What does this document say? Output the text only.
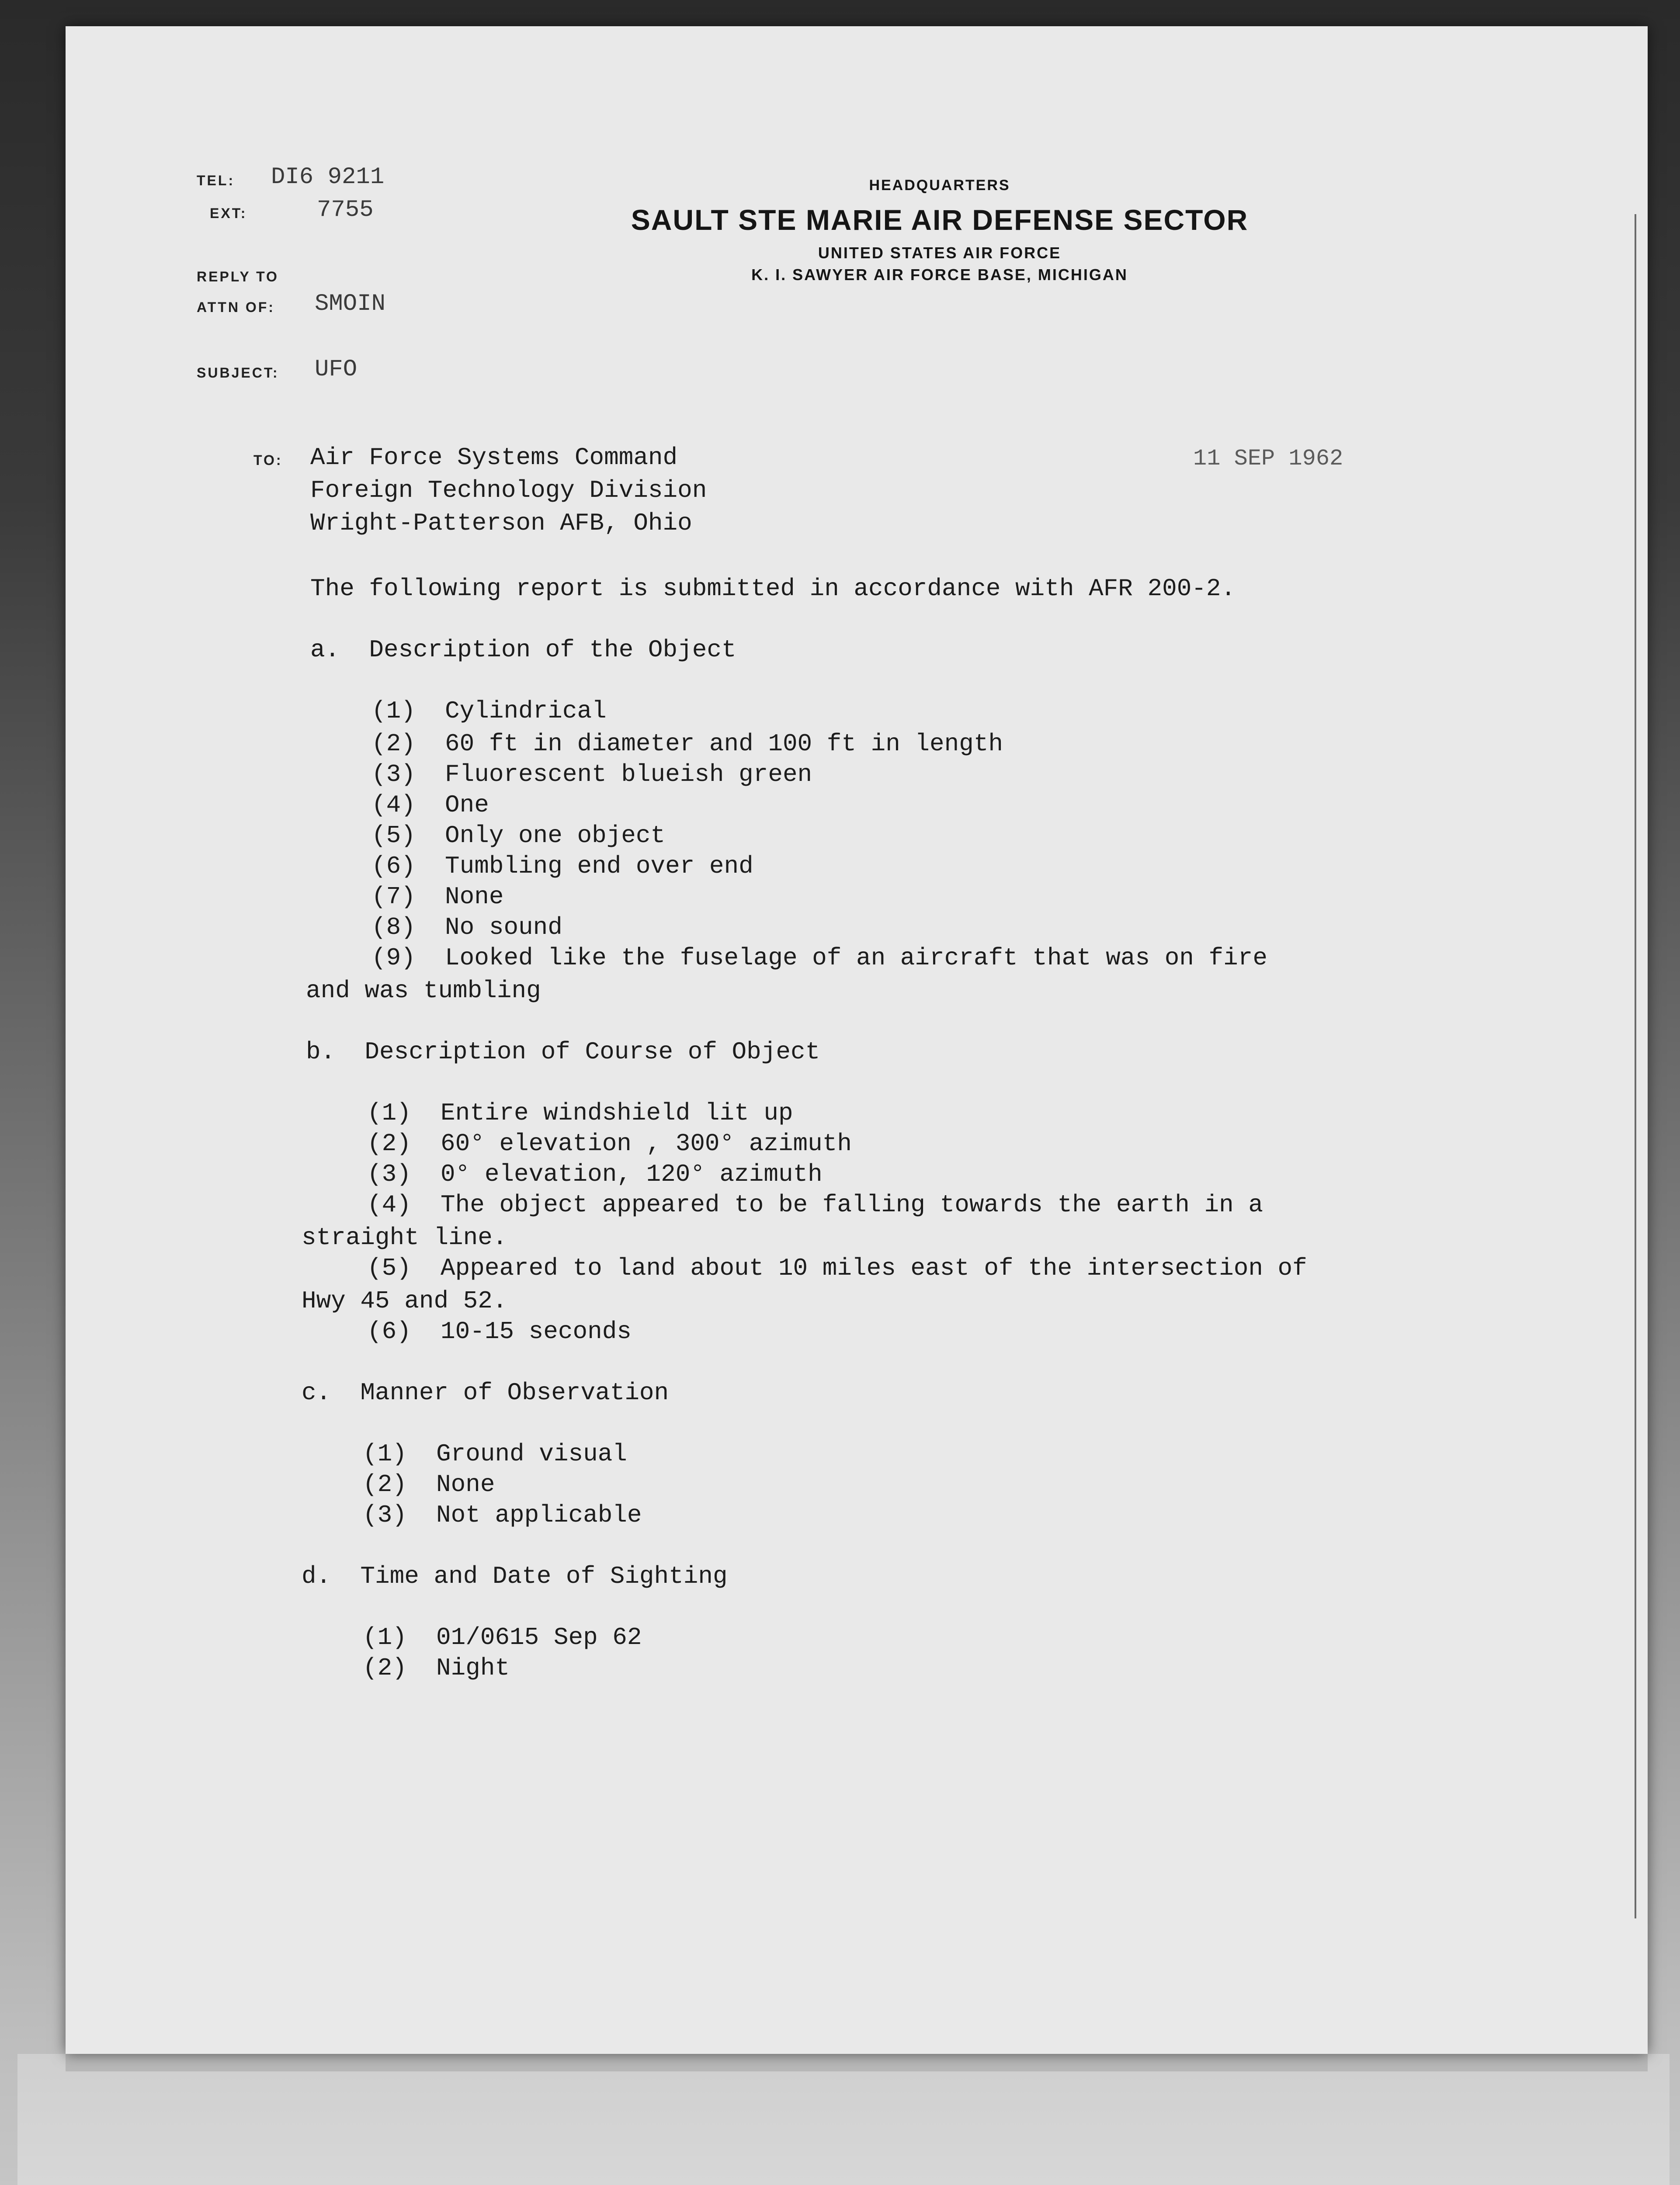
HEADQUARTERS
SAULT STE MARIE AIR DEFENSE SECTOR
UNITED STATES AIR FORCE
K. I. SAWYER AIR FORCE BASE, MICHIGAN
TEL: DI6 9211
EXT:	7755
REPLY TO
ATTN OF: SMOIN
SUBJECT: UFO
TO: Air Force Systems Command
Foreign Technology Division
Wright-Patterson AFB, Ohio
11 SEP 1962
The following report is submitted in accordance with AFR 200-2.
a.  Description of the Object
(1)  Cylindrical
(2)  60 ft in diameter and 100 ft in length
(3)  Fluorescent blueish green
(4)  One
(5)  Only one object
(6)  Tumbling end over end
(7)  None
(8)  No sound
(9)  Looked like the fuselage of an aircraft that was on fire
and was tumbling
b.  Description of Course of Object
(1)  Entire windshield lit up
(2)  60° elevation , 300° azimuth
(3)  0° elevation, 120° azimuth
(4)  The object appeared to be falling towards the earth in a
straight line.
(5)  Appeared to land about 10 miles east of the intersection of
Hwy 45 and 52.
(6)  10-15 seconds
c.  Manner of Observation
(1)  Ground visual
(2)  None
(3)  Not applicable
d.  Time and Date of Sighting
(1)  01/0615 Sep 62
(2)  Night
